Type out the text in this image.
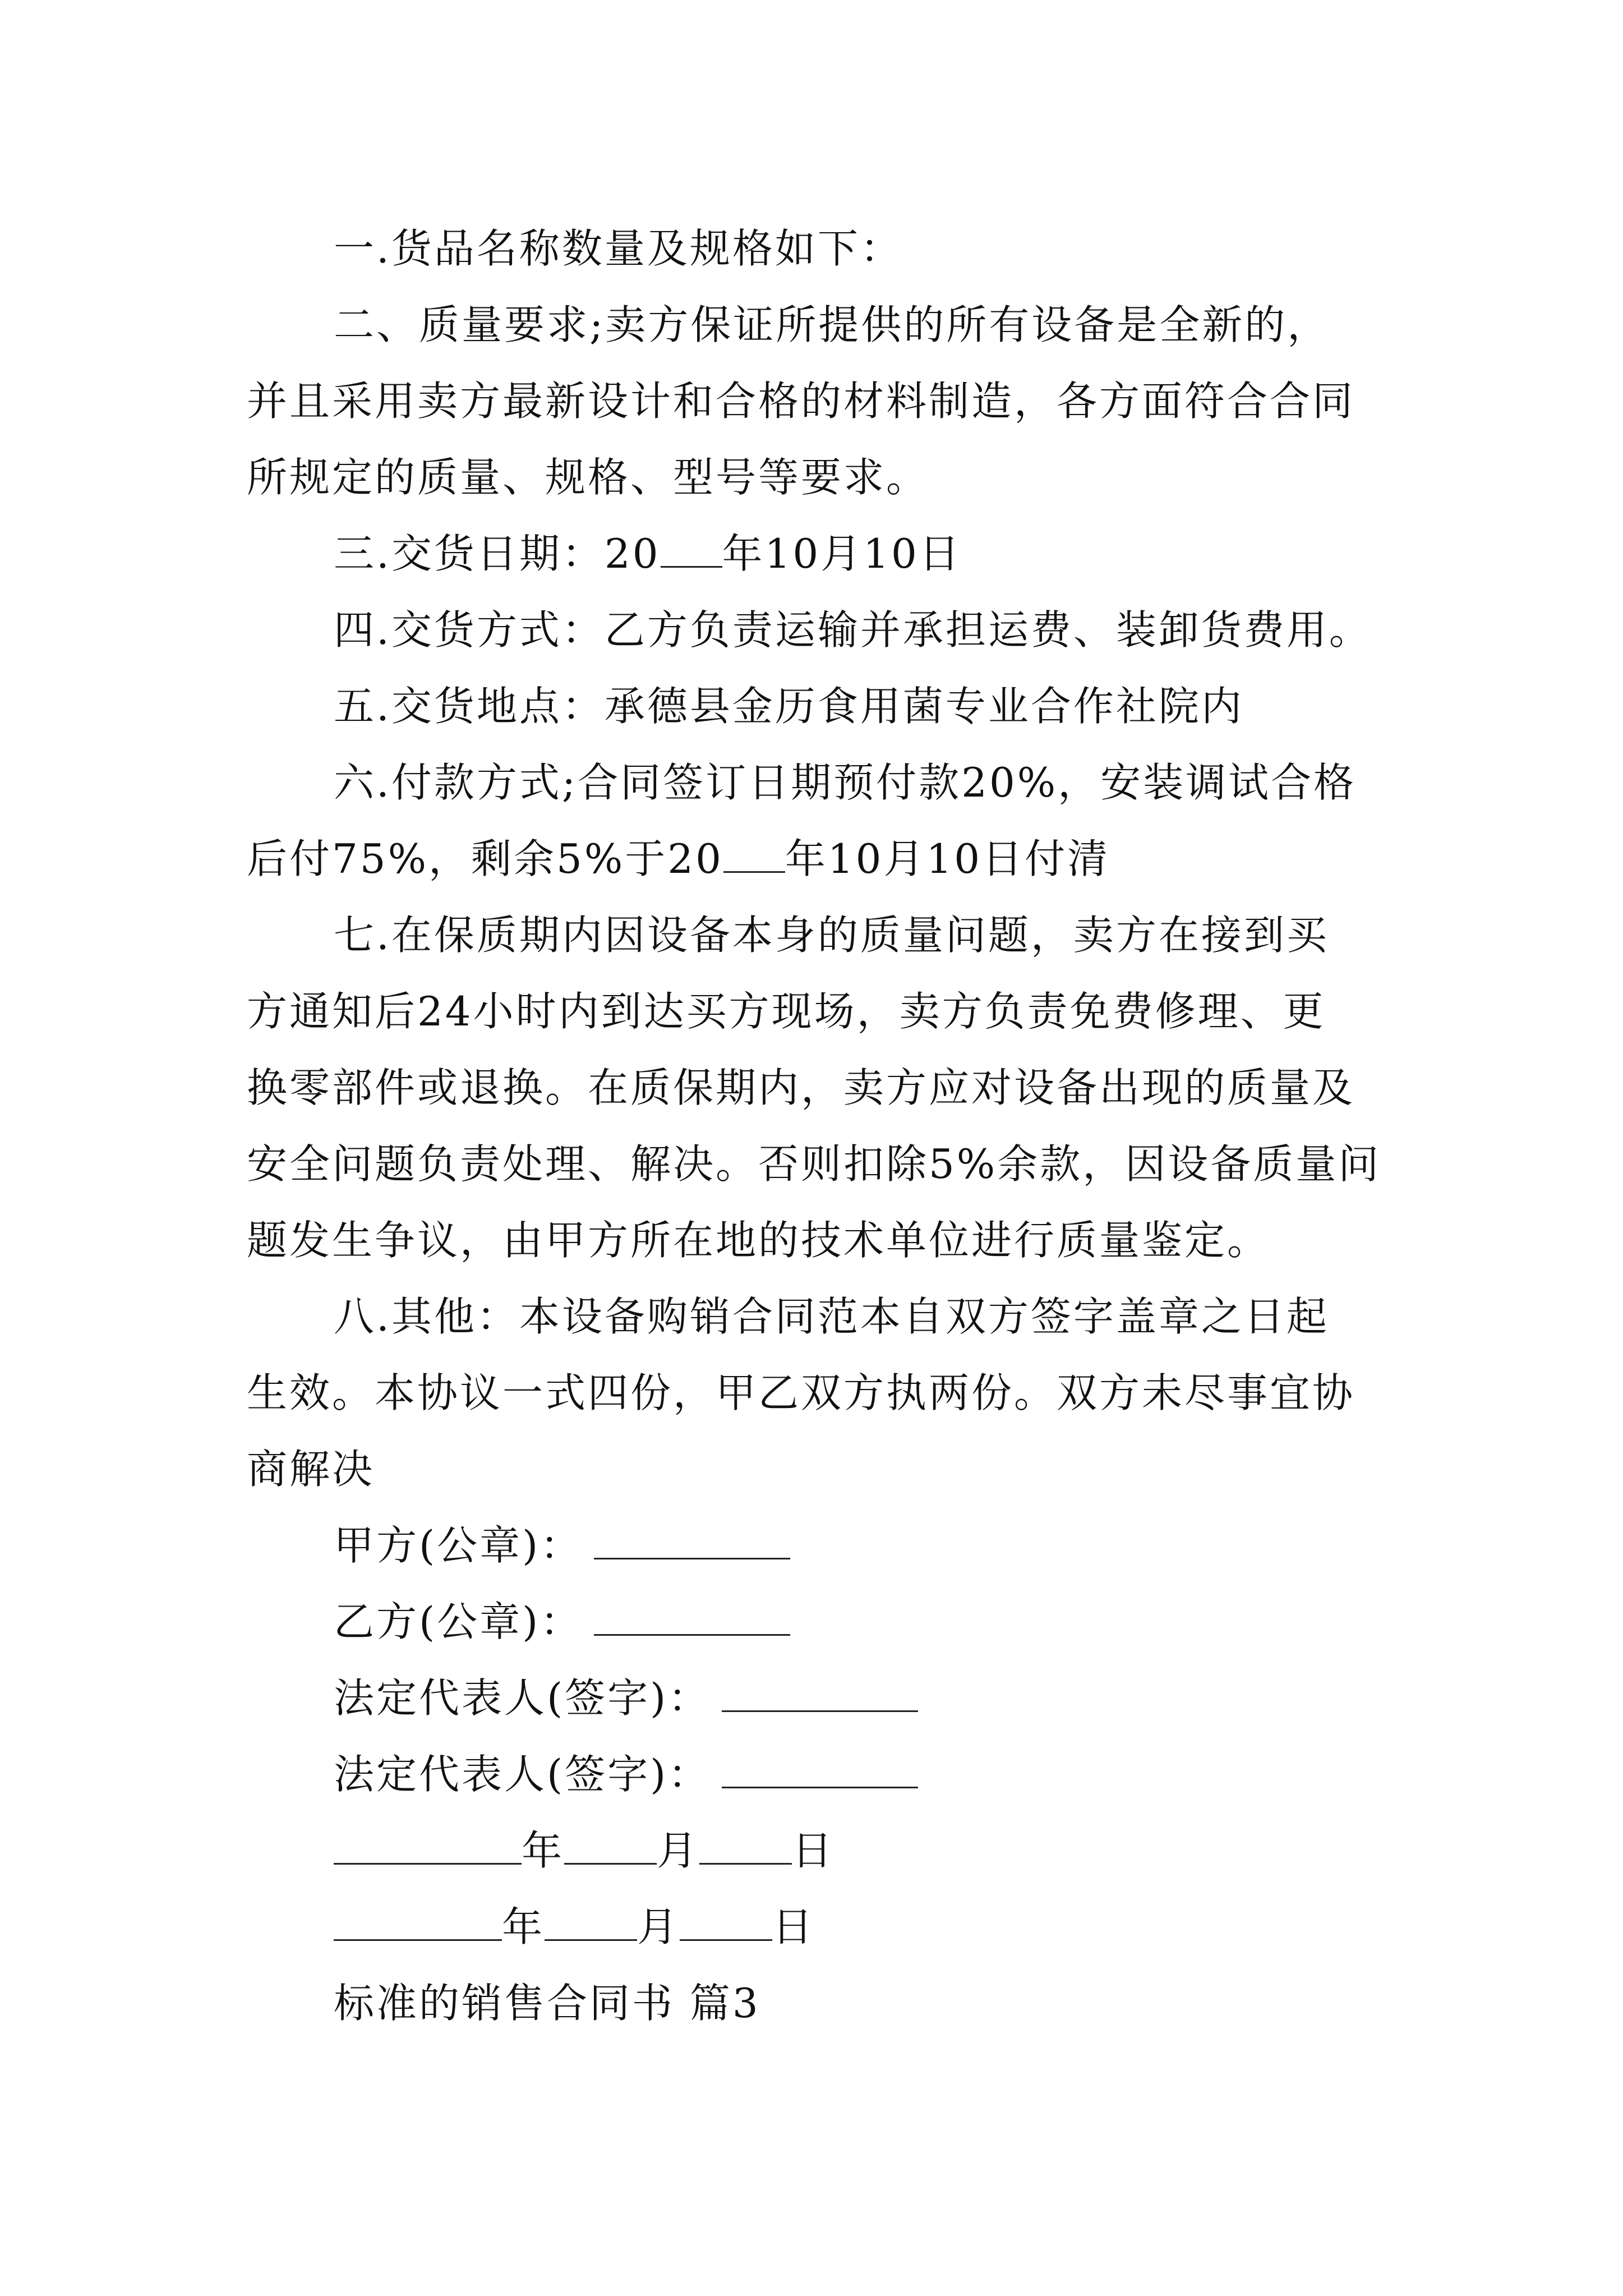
一.货品名称数量及规格如下：
二、质量要求;卖方保证所提供的所有设备是全新的，
并且采用卖方最新设计和合格的材料制造，各方面符合合同
所规定的质量、规格、型号等要求。
三.交货日期：20 年10月10日
四.交货方式：乙方负责运输并承担运费、装卸货费用。
五.交货地点：承德县金历食用菌专业合作社院内
六.付款方式;合同签订日期预付款20%，安装调试合格
后付75%，剩余5%于20 年10月10日付清
七.在保质期内因设备本身的质量问题，卖方在接到买
方通知后24小时内到达买方现场，卖方负责免费修理、更
换零部件或退换。在质保期内，卖方应对设备出现的质量及
安全问题负责处理、解决。否则扣除5%余款，因设备质量问
题发生争议，由甲方所在地的技术单位进行质量鉴定。
八.其他：本设备购销合同范本自双方签字盖章之日起
生效。本协议一式四份，甲乙双方执两份。双方未尽事宜协
商解决
甲方(公章)：
乙方(公章)：
法定代表人(签字)：
法定代表人(签字)：
年 月 日
年 月 日
标准的销售合同书 篇3
